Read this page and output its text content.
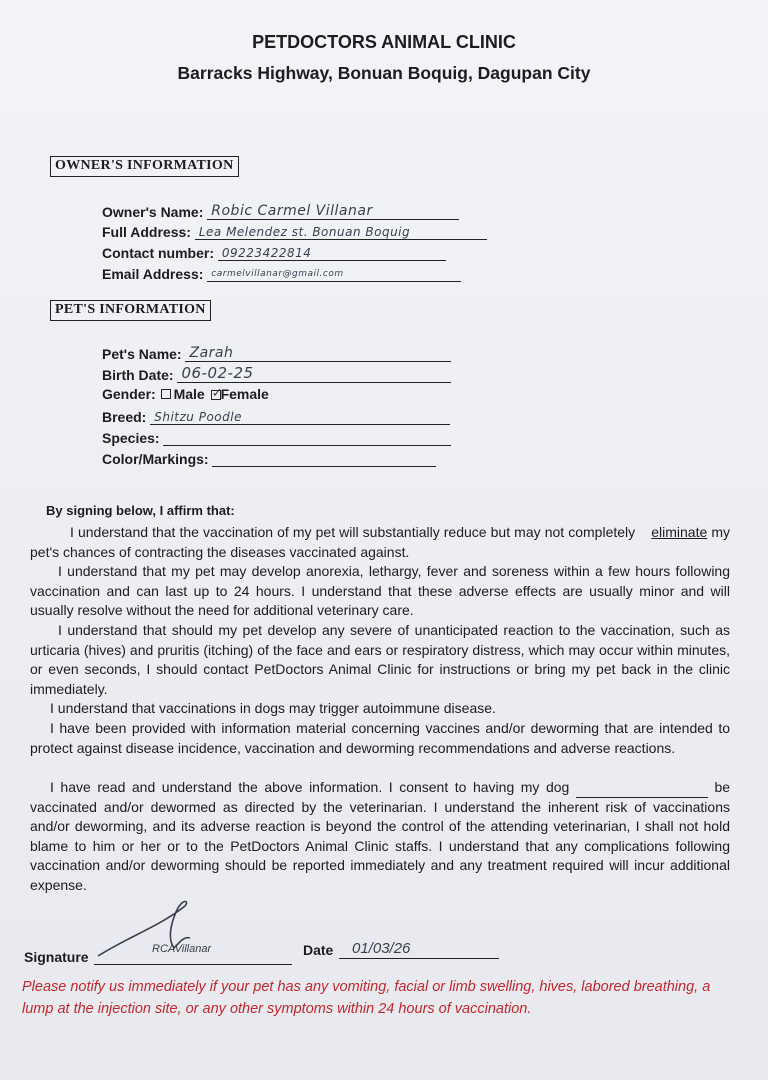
PETDOCTORS ANIMAL CLINIC
Barracks Highway, Bonuan Boquig, Dagupan City
OWNER'S INFORMATION
Owner's Name: Robic Carmel Villanar
Full Address: Lea Melendez st. Bonuan Boquig
Contact number: 09223422814
Email Address: carmelvillanar@gmail.com
PET'S INFORMATION
Pet's Name: Zarah
Birth Date: 06-02-25
Gender: Male ✓ Female
Breed: Shitzu Poodle
Species:
Color/Markings:
By signing below, I affirm that:
I understand that the vaccination of my pet will substantially reduce but may not completely eliminate my pet's chances of contracting the diseases vaccinated against.
I understand that my pet may develop anorexia, lethargy, fever and soreness within a few hours following vaccination and can last up to 24 hours. I understand that these adverse effects are usually minor and will usually resolve without the need for additional veterinary care.
I understand that should my pet develop any severe of unanticipated reaction to the vaccination, such as urticaria (hives) and pruritis (itching) of the face and ears or respiratory distress, which may occur within minutes, or even seconds, I should contact PetDoctors Animal Clinic for instructions or bring my pet back in the clinic immediately.
I understand that vaccinations in dogs may trigger autoimmune disease.
I have been provided with information material concerning vaccines and/or deworming that are intended to protect against disease incidence, vaccination and deworming recommendations and adverse reactions.
I have read and understand the above information. I consent to having my dog	be vaccinated and/or dewormed as directed by the veterinarian. I understand the inherent risk of vaccinations and/or deworming, and its adverse reaction is beyond the control of the attending veterinarian, I shall not hold blame to him or her or to the PetDoctors Animal Clinic staffs. I understand that any complications following vaccination and/or deworming should be reported immediately and any treatment required will incur additional expense.
Signature	RCAVillanar	Date 01/03/26
Please notify us immediately if your pet has any vomiting, facial or limb swelling, hives, labored breathing, a lump at the injection site, or any other symptoms within 24 hours of vaccination.
